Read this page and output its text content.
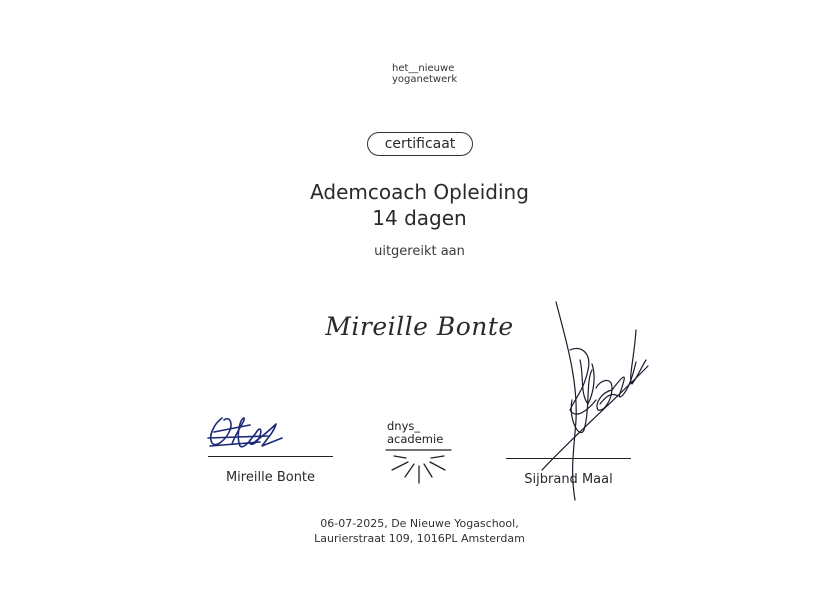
het__nieuwe
yoganetwerk
certificaat
Ademcoach Opleiding
14 dagen
uitgereikt aan
Mireille Bonte
Mireille Bonte
dnys_
academie
Sijbrand Maal
06-07-2025, De Nieuwe Yogaschool,
Laurierstraat 109, 1016PL Amsterdam
